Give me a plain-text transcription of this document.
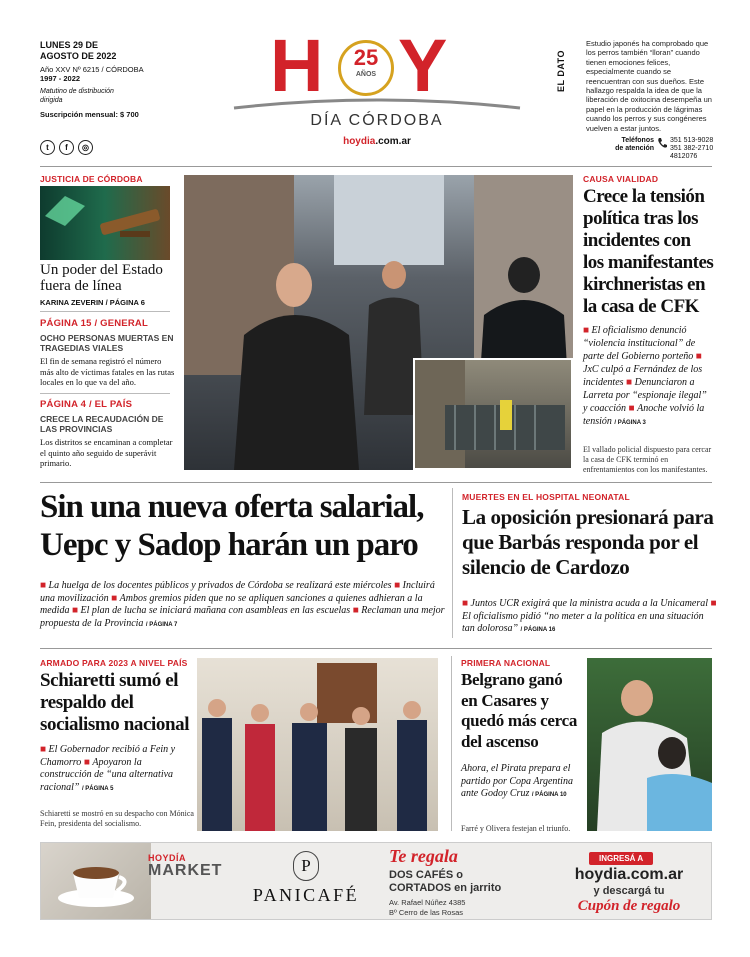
LUNES 29 DE AGOSTO DE 2022
Año XXV Nº 6215 / CÓRDOBA
1997 - 2022
Matutino de distribución dirigida
Suscripción mensual: $ 700
t	f	◎
H	25
AÑOS Y
DÍA CÓRDOBA
hoydia.com.ar
EL DATO
Estudio japonés ha comprobado que los perros también “lloran” cuando tienen emociones felices, especialmente cuando se reencuentran con sus dueños. Este hallazgo respalda la idea de que la liberación de oxitocina desempeña un papel en la producción de lágrimas cuando los perros y sus congéneres vuelven a estar juntos.
Teléfonos de atención
351 513-9028
351 382-2710
4812076
JUSTICIA DE CÓRDOBA
Un poder del Estado fuera de línea
KARINA ZEVERIN / PÁGINA 6
PÁGINA 15 / GENERAL
OCHO PERSONAS MUERTAS EN TRAGEDIAS VIALES
El fin de semana registró el número más alto de víctimas fatales en las rutas locales en lo que va del año.
PÁGINA 4 / EL PAÍS
CRECE LA RECAUDACIÓN DE LAS PROVINCIAS
Los distritos se encaminan a completar el quinto año seguido de superávit primario.
CAUSA VIALIDAD
Crece la tensión política tras los incidentes con los manifestantes kirchneristas en la casa de CFK
■ El oficialismo denunció “violencia institucional” de parte del Gobierno porteño ■ JxC culpó a Fernández de los incidentes ■ Denunciaron a Larreta por “espionaje ilegal” y coacción ■ Anoche volvió la tensión / PÁGINA 3
El vallado policial dispuesto para cercar la casa de CFK terminó en enfrentamientos con los manifestantes.
Sin una nueva oferta salarial, Uepc y Sadop harán un paro
■ La huelga de los docentes públicos y privados de Córdoba se realizará este miércoles ■ Incluirá una movilización ■ Ambos gremios piden que no se apliquen sanciones a quienes adhieran a la medida ■ El plan de lucha se iniciará mañana con asambleas en las escuelas ■ Reclaman una mejor propuesta de la Provincia / PÁGINA 7
MUERTES EN EL HOSPITAL NEONATAL
La oposición presionará para que Barbás responda por el silencio de Cardozo
■ Juntos UCR exigirá que la ministra acuda a la Unicameral ■ El oficialismo pidió “no meter a la política en una situación tan dolorosa” / PÁGINA 16
ARMADO PARA 2023 A NIVEL PAÍS
Schiaretti sumó el respaldo del socialismo nacional
■ El Gobernador recibió a Fein y Chamorro ■ Apoyaron la construcción de “una alternativa racional” / PÁGINA 5
Schiaretti se mostró en su despacho con Mónica Fein, presidenta del socialismo.
PRIMERA NACIONAL
Belgrano ganó en Casares y quedó más cerca del ascenso
Ahora, el Pirata prepara el partido por Copa Argentina ante Godoy Cruz / PÁGINA 10
Farré y Olivera festejan el triunfo.
HOYDÍA
MARKET	P
PANICAFÉ
Te regala
DOS CAFÉS o
CORTADOS en jarrito
Av. Rafael Núñez 4385
Bº Cerro de las Rosas
INGRESÁ A
hoydia.com.ar
y descargá tu
Cupón de regalo
